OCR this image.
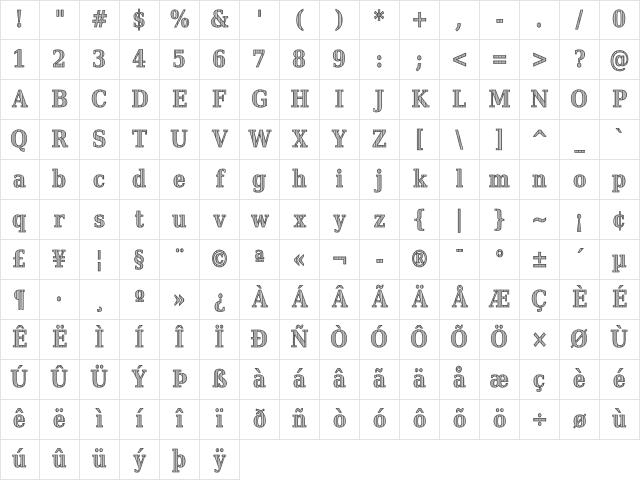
! " # $ % & ' ( ) * + , - . / 0
1 2 3 4 5 6 7 8 9 : ; < = > ? @
A B C D E F G H I J K L M N O P
Q R S T U V W X Y Z [ \ ] ^ _ `
a b c d e f g h i j k l m n o p
q r s t u v w x y z { | } ~ ¡ ¢
£ ¥ ¦ § ¨ © ª « ¬ - ® ¯ ° ± ´ µ
¶ · ¸ º » ¿ À Á Â Ã Ä Å Æ Ç È É
Ê Ë Ì Í Î Ï Ð Ñ Ò Ó Ô Õ Ö × Ø Ù
Ú Û Ü Ý Þ ß à á â ã ä å æ ç è é
ê ë ì í î ï ð ñ ò ó ô õ ö ÷ ø ù
ú û ü ý þ ÿ
